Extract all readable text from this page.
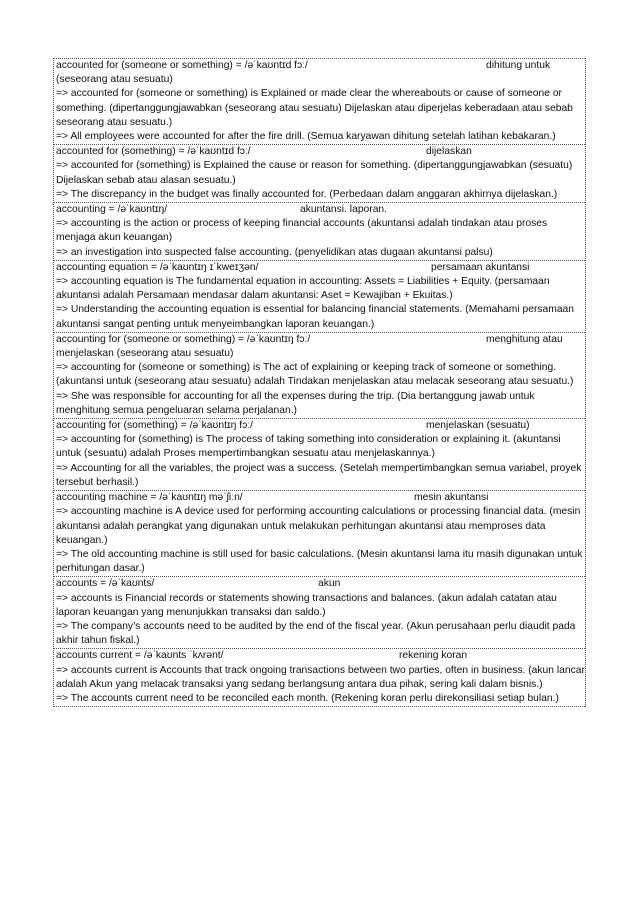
accounted for (someone or something) = /əˈkaʊntɪd fɔː/	dihitung untuk
(seseorang atau sesuatu)
=> accounted for (someone or something) is Explained or made clear the whereabouts or cause of someone or something. (dipertanggungjawabkan (seseorang atau sesuatu) Dijelaskan atau diperjelas keberadaan atau sebab seseorang atau sesuatu.)
=> All employees were accounted for after the fire drill. (Semua karyawan dihitung setelah latihan kebakaran.)
accounted for (something) = /əˈkaʊntɪd fɔː/	dijelaskan
=> accounted for (something) is Explained the cause or reason for something. (dipertanggungjawabkan (sesuatu) Dijelaskan sebab atau alasan sesuatu.)
=> The discrepancy in the budget was finally accounted for. (Perbedaan dalam anggaran akhirnya dijelaskan.)
accounting = /əˈkaʊntɪŋ/	akuntansi. laporan.
=> accounting is the action or process of keeping financial accounts (akuntansi adalah tindakan atau proses menjaga akun keuangan)
=> an investigation into suspected false accounting. (penyelidikan atas dugaan akuntansi palsu)
accounting equation = /əˈkaʊntɪŋ ɪˈkweɪʒən/	persamaan akuntansi
=> accounting equation is The fundamental equation in accounting: Assets = Liabilities + Equity. (persamaan akuntansi adalah Persamaan mendasar dalam akuntansi: Aset = Kewajiban + Ekuitas.)
=> Understanding the accounting equation is essential for balancing financial statements. (Memahami persamaan akuntansi sangat penting untuk menyeimbangkan laporan keuangan.)
accounting for (someone or something) = /əˈkaʊntɪŋ fɔː/	menghitung atau
menjelaskan (seseorang atau sesuatu)
=> accounting for (someone or something) is The act of explaining or keeping track of someone or something. (akuntansi untuk (seseorang atau sesuatu) adalah Tindakan menjelaskan atau melacak seseorang atau sesuatu.)
=> She was responsible for accounting for all the expenses during the trip. (Dia bertanggung jawab untuk menghitung semua pengeluaran selama perjalanan.)
accounting for (something) = /əˈkaʊntɪŋ fɔː/	menjelaskan (sesuatu)
=> accounting for (something) is The process of taking something into consideration or explaining it. (akuntansi untuk (sesuatu) adalah Proses mempertimbangkan sesuatu atau menjelaskannya.)
=> Accounting for all the variables, the project was a success. (Setelah mempertimbangkan semua variabel, proyek tersebut berhasil.)
accounting machine = /əˈkaʊntɪŋ məˈʃiːn/	mesin akuntansi
=> accounting machine is A device used for performing accounting calculations or processing financial data. (mesin akuntansi adalah perangkat yang digunakan untuk melakukan perhitungan akuntansi atau memproses data keuangan.)
=> The old accounting machine is still used for basic calculations. (Mesin akuntansi lama itu masih digunakan untuk perhitungan dasar.)
accounts = /əˈkaʊnts/	akun
=> accounts is Financial records or statements showing transactions and balances. (akun adalah catatan atau laporan keuangan yang menunjukkan transaksi dan saldo.)
=> The company’s accounts need to be audited by the end of the fiscal year. (Akun perusahaan perlu diaudit pada akhir tahun fiskal.)
accounts current = /əˈkaʊnts ˈkʌrənt/	rekening koran
=> accounts current is Accounts that track ongoing transactions between two parties, often in business. (akun lancar adalah Akun yang melacak transaksi yang sedang berlangsung antara dua pihak, sering kali dalam bisnis.)
=> The accounts current need to be reconciled each month. (Rekening koran perlu direkonsiliasi setiap bulan.)
